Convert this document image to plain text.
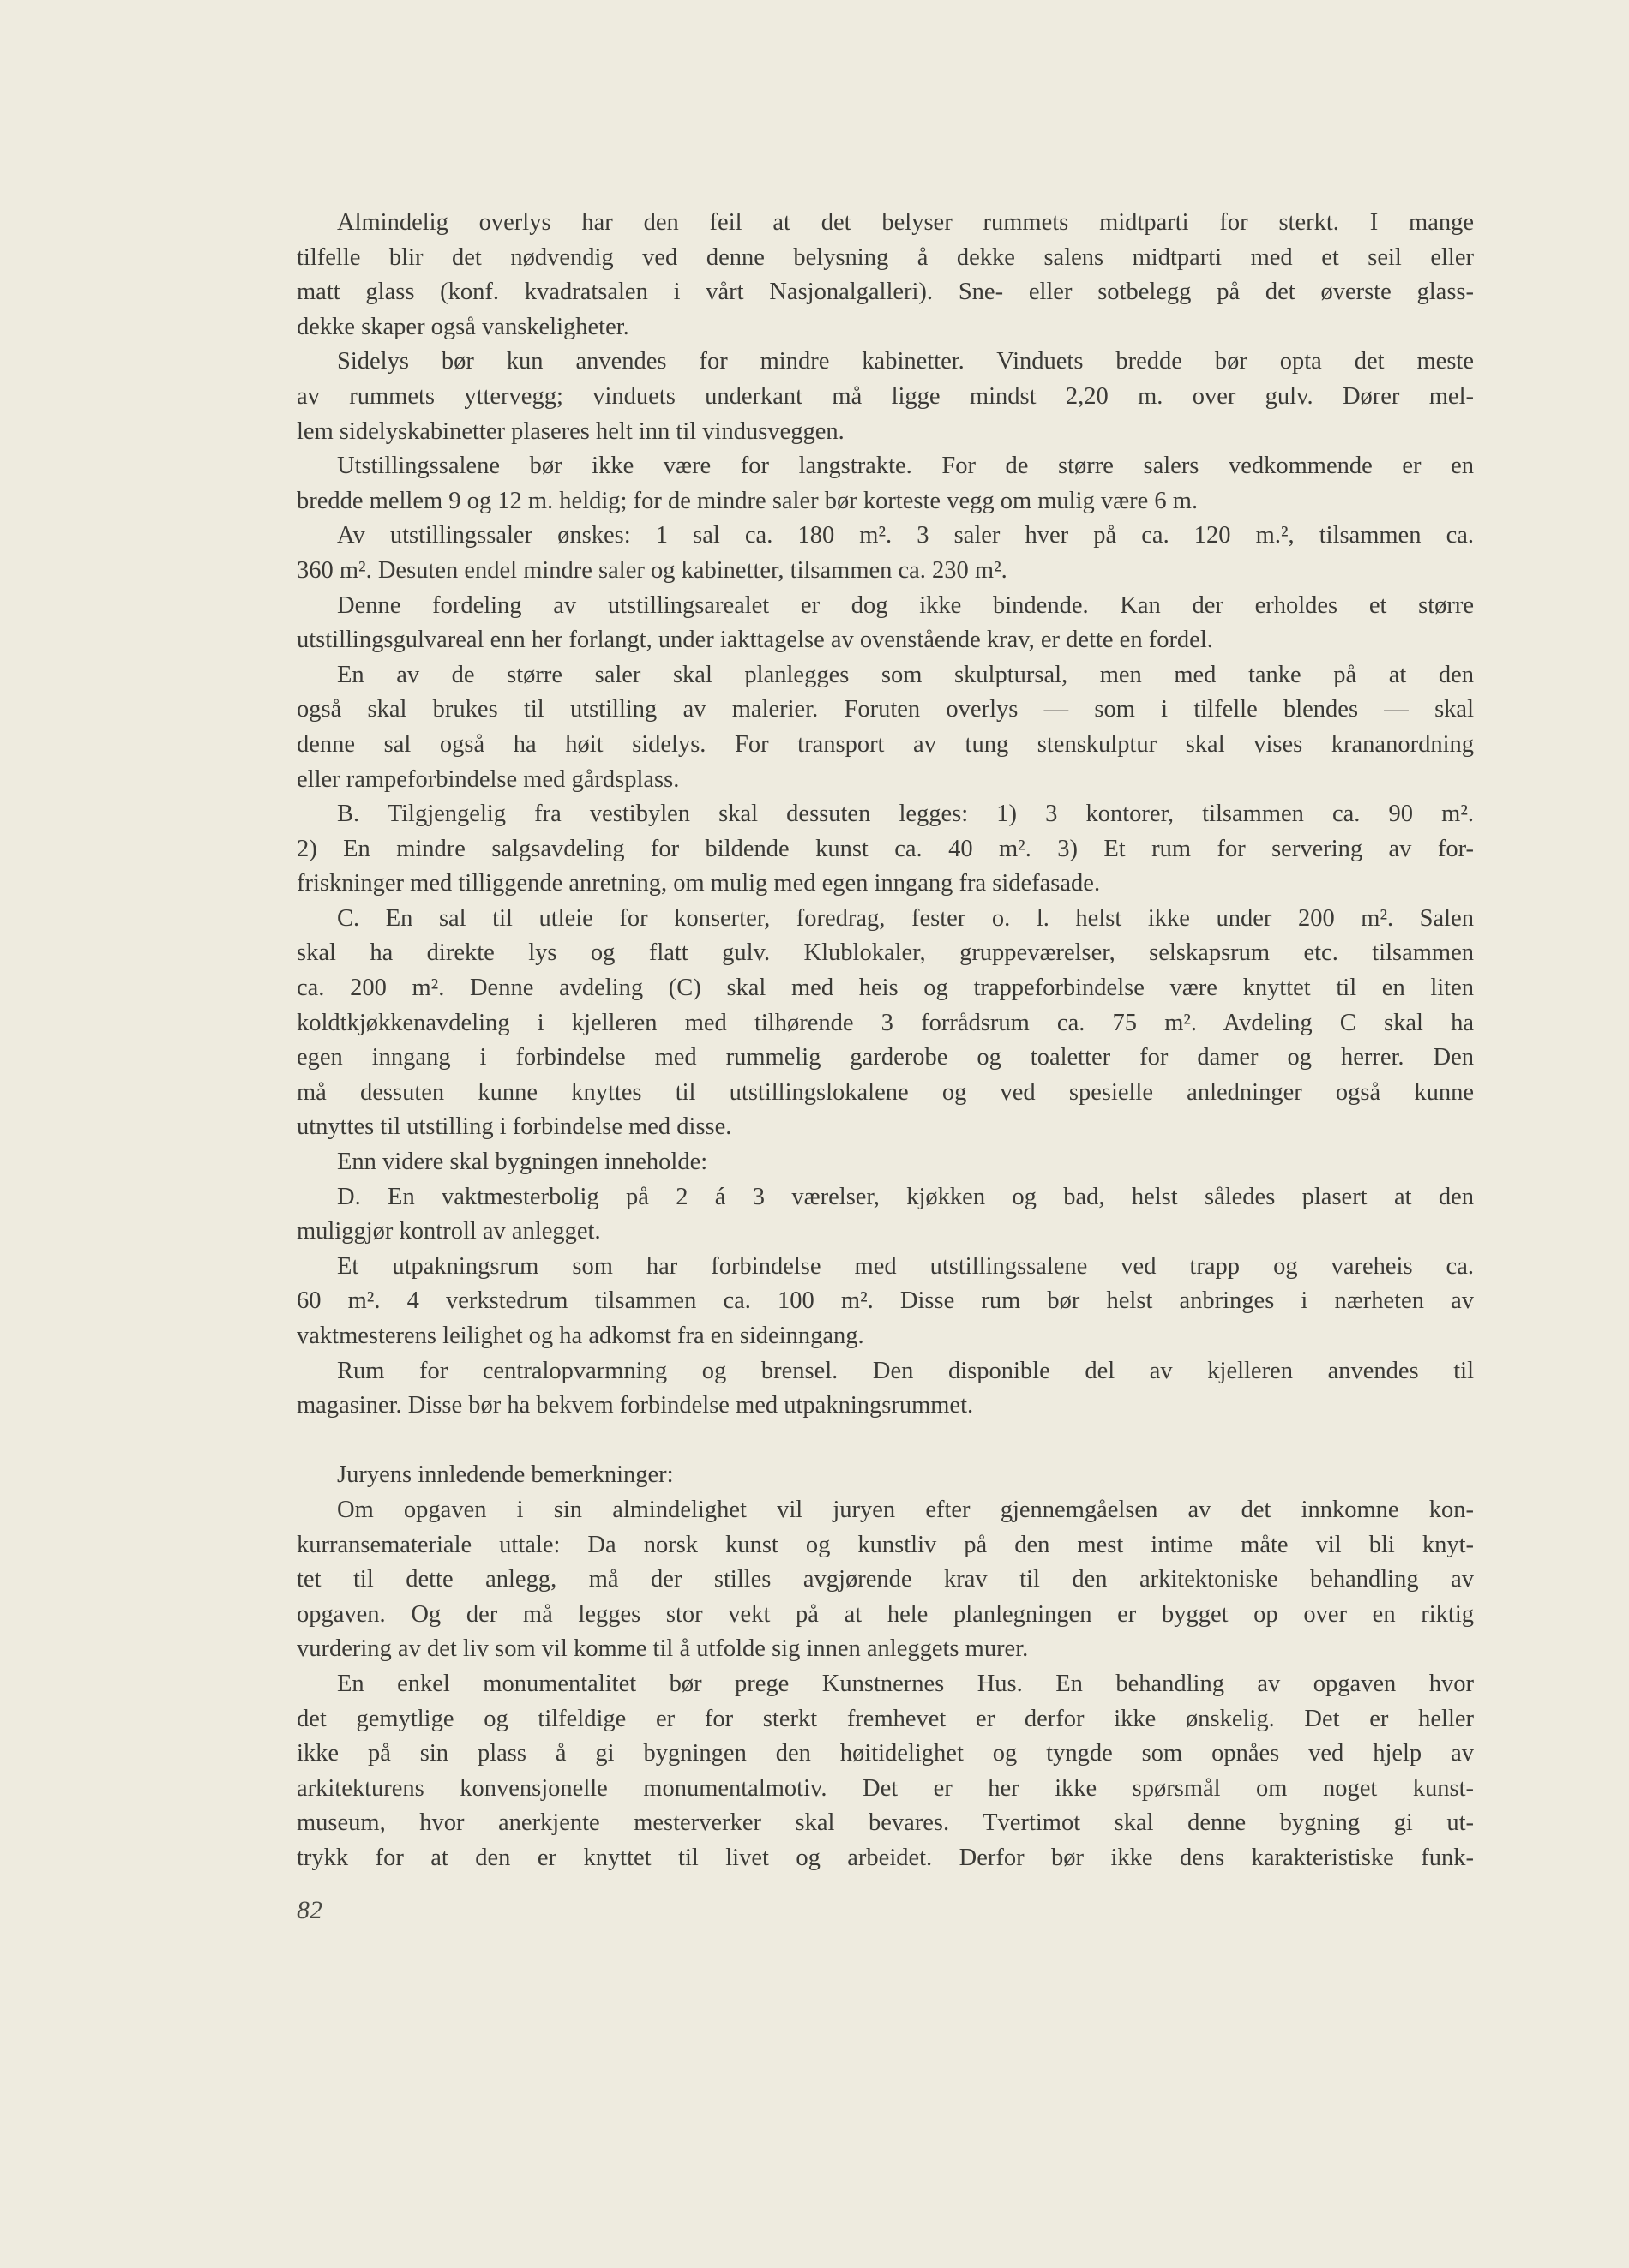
Almindelig overlys har den feil at det belyser rummets midtparti for sterkt. I mange
tilfelle blir det nødvendig ved denne belysning å dekke salens midtparti med et seil eller
matt glass (konf. kvadratsalen i vårt Nasjonalgalleri). Sne- eller sotbelegg på det øverste glass-
dekke skaper også vanskeligheter.
Sidelys bør kun anvendes for mindre kabinetter. Vinduets bredde bør opta det meste
av rummets yttervegg; vinduets underkant må ligge mindst 2,20 m. over gulv. Dører mel-
lem sidelyskabinetter plaseres helt inn til vindusveggen.
Utstillingssalene bør ikke være for langstrakte. For de større salers vedkommende er en
bredde mellem 9 og 12 m. heldig; for de mindre saler bør korteste vegg om mulig være 6 m.
Av utstillingssaler ønskes: 1 sal ca. 180 m². 3 saler hver på ca. 120 m.², tilsammen ca.
360 m². Desuten endel mindre saler og kabinetter, tilsammen ca. 230 m².
Denne fordeling av utstillingsarealet er dog ikke bindende. Kan der erholdes et større
utstillingsgulvareal enn her forlangt, under iakttagelse av ovenstående krav, er dette en fordel.
En av de større saler skal planlegges som skulptursal, men med tanke på at den
også skal brukes til utstilling av malerier. Foruten overlys — som i tilfelle blendes — skal
denne sal også ha høit sidelys. For transport av tung stenskulptur skal vises krananordning
eller rampeforbindelse med gårdsplass.
B. Tilgjengelig fra vestibylen skal dessuten legges: 1) 3 kontorer, tilsammen ca. 90 m².
2) En mindre salgsavdeling for bildende kunst ca. 40 m². 3) Et rum for servering av for-
friskninger med tilliggende anretning, om mulig med egen inngang fra sidefasade.
C. En sal til utleie for konserter, foredrag, fester o. l. helst ikke under 200 m². Salen
skal ha direkte lys og flatt gulv. Klublokaler, gruppeværelser, selskapsrum etc. tilsammen
ca. 200 m². Denne avdeling (C) skal med heis og trappeforbindelse være knyttet til en liten
koldtkjøkkenavdeling i kjelleren med tilhørende 3 forrådsrum ca. 75 m². Avdeling C skal ha
egen inngang i forbindelse med rummelig garderobe og toaletter for damer og herrer. Den
må dessuten kunne knyttes til utstillingslokalene og ved spesielle anledninger også kunne
utnyttes til utstilling i forbindelse med disse.
Enn videre skal bygningen inneholde:
D. En vaktmesterbolig på 2 á 3 værelser, kjøkken og bad, helst således plasert at den
muliggjør kontroll av anlegget.
Et utpakningsrum som har forbindelse med utstillingssalene ved trapp og vareheis ca.
60 m². 4 verkstedrum tilsammen ca. 100 m². Disse rum bør helst anbringes i nærheten av
vaktmesterens leilighet og ha adkomst fra en sideinngang.
Rum for centralopvarmning og brensel. Den disponible del av kjelleren anvendes til
magasiner. Disse bør ha bekvem forbindelse med utpakningsrummet.
Juryens innledende bemerkninger:
Om opgaven i sin almindelighet vil juryen efter gjennemgåelsen av det innkomne kon-
kurransemateriale uttale: Da norsk kunst og kunstliv på den mest intime måte vil bli knyt-
tet til dette anlegg, må der stilles avgjørende krav til den arkitektoniske behandling av
opgaven. Og der må legges stor vekt på at hele planlegningen er bygget op over en riktig
vurdering av det liv som vil komme til å utfolde sig innen anleggets murer.
En enkel monumentalitet bør prege Kunstnernes Hus. En behandling av opgaven hvor
det gemytlige og tilfeldige er for sterkt fremhevet er derfor ikke ønskelig. Det er heller
ikke på sin plass å gi bygningen den høitidelighet og tyngde som opnåes ved hjelp av
arkitekturens konvensjonelle monumentalmotiv. Det er her ikke spørsmål om noget kunst-
museum, hvor anerkjente mesterverker skal bevares. Tvertimot skal denne bygning gi ut-
trykk for at den er knyttet til livet og arbeidet. Derfor bør ikke dens karakteristiske funk-
82
